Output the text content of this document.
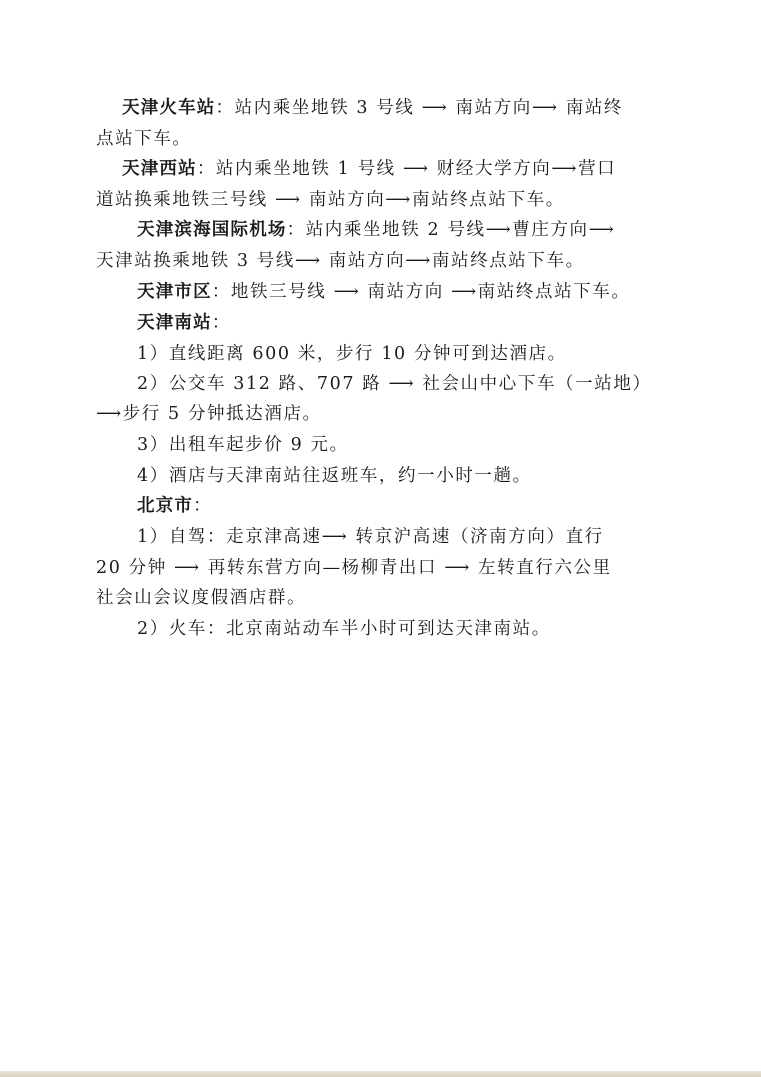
天津火车站：站内乘坐地铁 3 号线 ⟶ 南站方向⟶ 南站终
点站下车。
天津西站：站内乘坐地铁 1 号线 ⟶ 财经大学方向⟶营口
道站换乘地铁三号线 ⟶ 南站方向⟶南站终点站下车。
天津滨海国际机场：站内乘坐地铁 2 号线⟶曹庄方向⟶
天津站换乘地铁 3 号线⟶ 南站方向⟶南站终点站下车。
天津市区：地铁三号线 ⟶ 南站方向 ⟶南站终点站下车。
天津南站：
1）直线距离 600 米，步行 10 分钟可到达酒店。
2）公交车 312 路、707 路 ⟶ 社会山中心下车（一站地）
⟶步行 5 分钟抵达酒店。
3）出租车起步价 9 元。
4）酒店与天津南站往返班车，约一小时一趟。
北京市：
1）自驾：走京津高速⟶ 转京沪高速（济南方向）直行
20 分钟 ⟶ 再转东营方向—杨柳青出口 ⟶ 左转直行六公里
社会山会议度假酒店群。
2）火车：北京南站动车半小时可到达天津南站。
